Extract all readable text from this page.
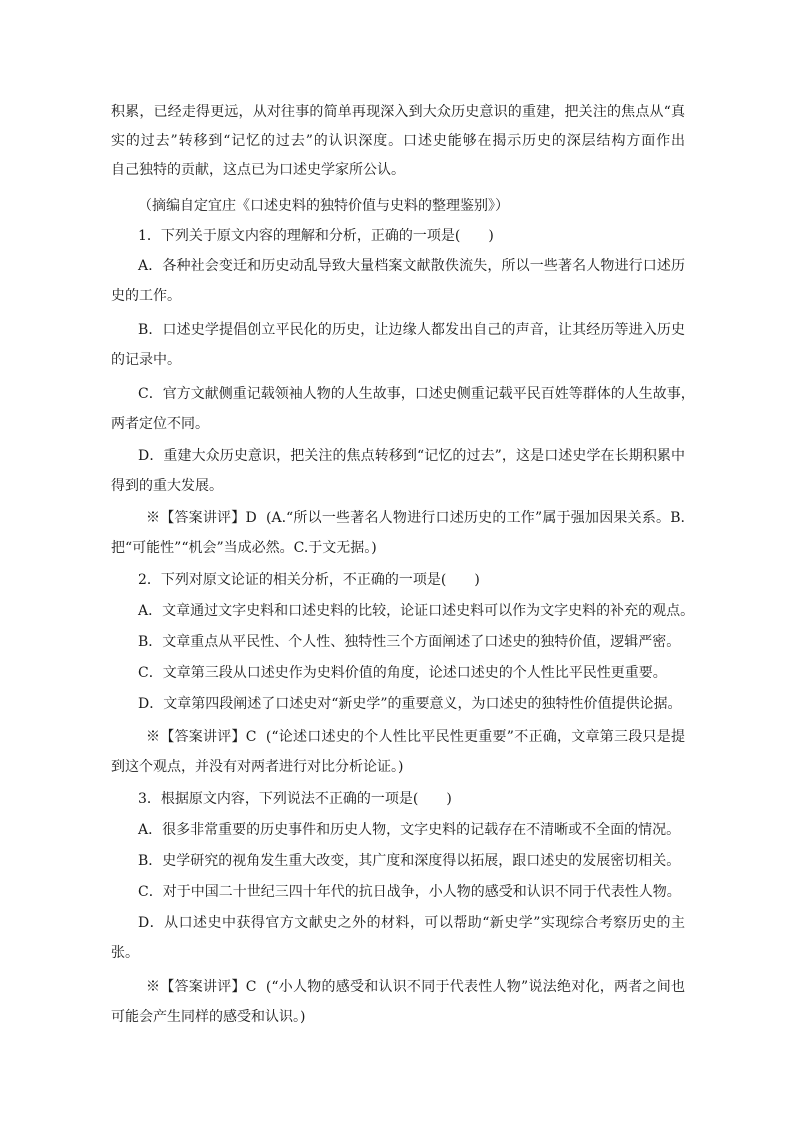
积累，已经走得更远，从对往事的简单再现深入到大众历史意识的重建，把关注的焦点从“真
实的过去”转移到“记忆的过去”的认识深度。口述史能够在揭示历史的深层结构方面作出
自己独特的贡献，这点已为口述史学家所公认。
（摘编自定宜庄《口述史料的独特价值与史料的整理鉴别》）
1．下列关于原文内容的理解和分析，正确的一项是(　　)
A．各种社会变迁和历史动乱导致大量档案文献散佚流失，所以一些著名人物进行口述历
史的工作。
B．口述史学提倡创立平民化的历史，让边缘人都发出自己的声音，让其经历等进入历史
的记录中。
C．官方文献侧重记载领袖人物的人生故事，口述史侧重记载平民百姓等群体的人生故事，
两者定位不同。
D．重建大众历史意识，把关注的焦点转移到“记忆的过去”，这是口述史学在长期积累中
得到的重大发展。
※【答案讲评】D  (A.“所以一些著名人物进行口述历史的工作”属于强加因果关系。B.
把“可能性”“机会”当成必然。C.于文无据。)
2．下列对原文论证的相关分析，不正确的一项是(　　)
A．文章通过文字史料和口述史料的比较，论证口述史料可以作为文字史料的补充的观点。
B．文章重点从平民性、个人性、独特性三个方面阐述了口述史的独特价值，逻辑严密。
C．文章第三段从口述史作为史料价值的角度，论述口述史的个人性比平民性更重要。
D．文章第四段阐述了口述史对“新史学”的重要意义，为口述史的独特性价值提供论据。
※【答案讲评】C  (“论述口述史的个人性比平民性更重要”不正确，文章第三段只是提
到这个观点，并没有对两者进行对比分析论证。)
3．根据原文内容，下列说法不正确的一项是(　　)
A．很多非常重要的历史事件和历史人物，文字史料的记载存在不清晰或不全面的情况。
B．史学研究的视角发生重大改变，其广度和深度得以拓展，跟口述史的发展密切相关。
C．对于中国二十世纪三四十年代的抗日战争，小人物的感受和认识不同于代表性人物。
D．从口述史中获得官方文献史之外的材料，可以帮助“新史学”实现综合考察历史的主
张。
※【答案讲评】C  (“小人物的感受和认识不同于代表性人物”说法绝对化，两者之间也
可能会产生同样的感受和认识。)
